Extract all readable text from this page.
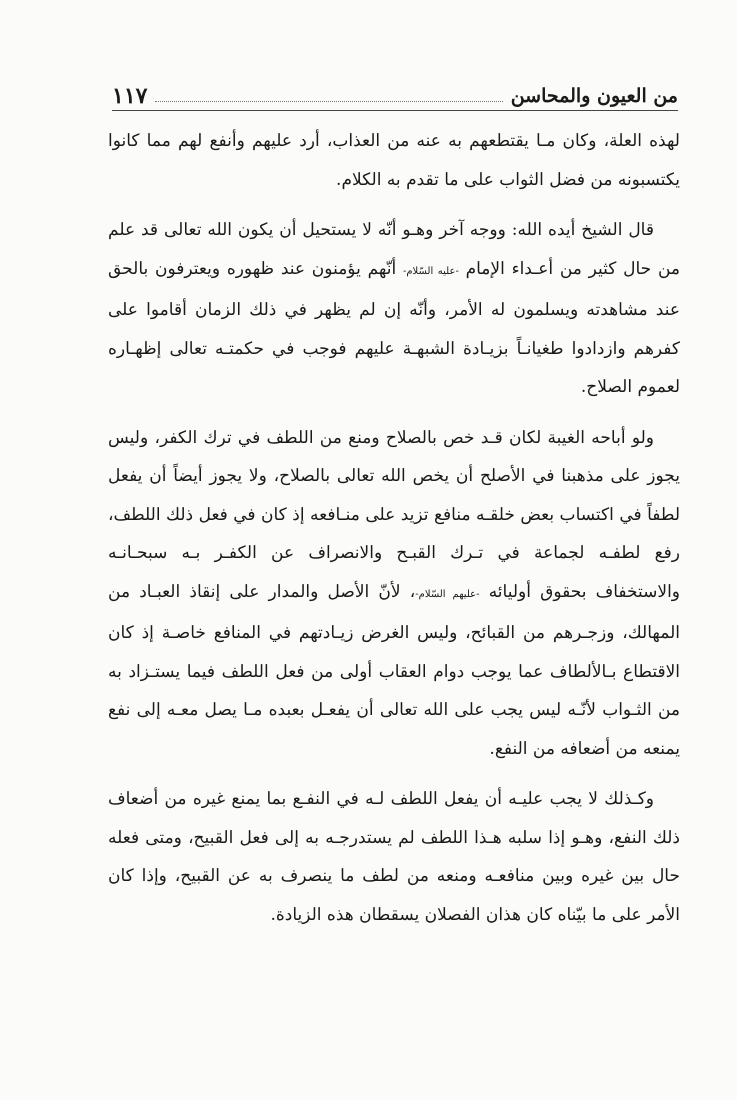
من العيون والمحاسن
١١٧

لهذه العلة، وكان مـا يقتطعهم به عنه من العذاب، أرد عليهم وأنفع لهم مما كانوا يكتسبونه من فضل الثواب على ما تقدم به الكلام.

قال الشيخ أيده الله: ووجه آخر وهـو أنّه لا يستحيل أن يكون الله تعالى قد علم من حال كثير من أعـداء الإمام -عليه السّلام- أنّهم يؤمنون عند ظهوره ويعترفون بالحق عند مشاهدته ويسلمون له الأمر، وأنّه إن لم يظهر في ذلك الزمان أقاموا على كفرهم وازدادوا طغيانـاً بزيـادة الشبهـة عليهم فوجب في حكمتـه تعالى إظهـاره لعموم الصلاح.

ولو أباحه الغيبة لكان قـد خص بالصلاح ومنع من اللطف في ترك الكفر، وليس يجوز على مذهبنا في الأصلح أن يخص الله تعالى بالصلاح، ولا يجوز أيضاً أن يفعل لطفاً في اكتساب بعض خلقـه منافع تزيد على منـافعه إذ كان في فعل ذلك اللطف، رفع لطفـه لجماعة في تـرك القبـح والانصراف عن الكفـر بـه سبحـانـه والاستخفاف بحقوق أوليائه -عليهم السّلام-، لأنّ الأصل والمدار على إنقاذ العبـاد من المهالك، وزجـرهم من القبائح، وليس الغرض زيـادتهم في المنافع خاصـة إذ كان الاقتطاع بـالألطاف عما يوجب دوام العقاب أولى من فعل اللطف فيما يستـزاد به من الثـواب لأنّـه ليس يجب على الله تعالى أن يفعـل بعبده مـا يصل معـه إلى نفع يمنعه من أضعافه من النفع.

وكـذلك لا يجب عليـه أن يفعل اللطف لـه في النفـع بما يمنع غيره من أضعاف ذلك النفع، وهـو إذا سلبه هـذا اللطف لم يستدرجـه به إلى فعل القبيح، ومتى فعله حال بين غيره وبين منافعـه ومنعه من لطف ما ينصرف به عن القبيح، وإذا كان الأمر على ما بيّناه كان هذان الفصلان يسقطان هذه الزيادة.
